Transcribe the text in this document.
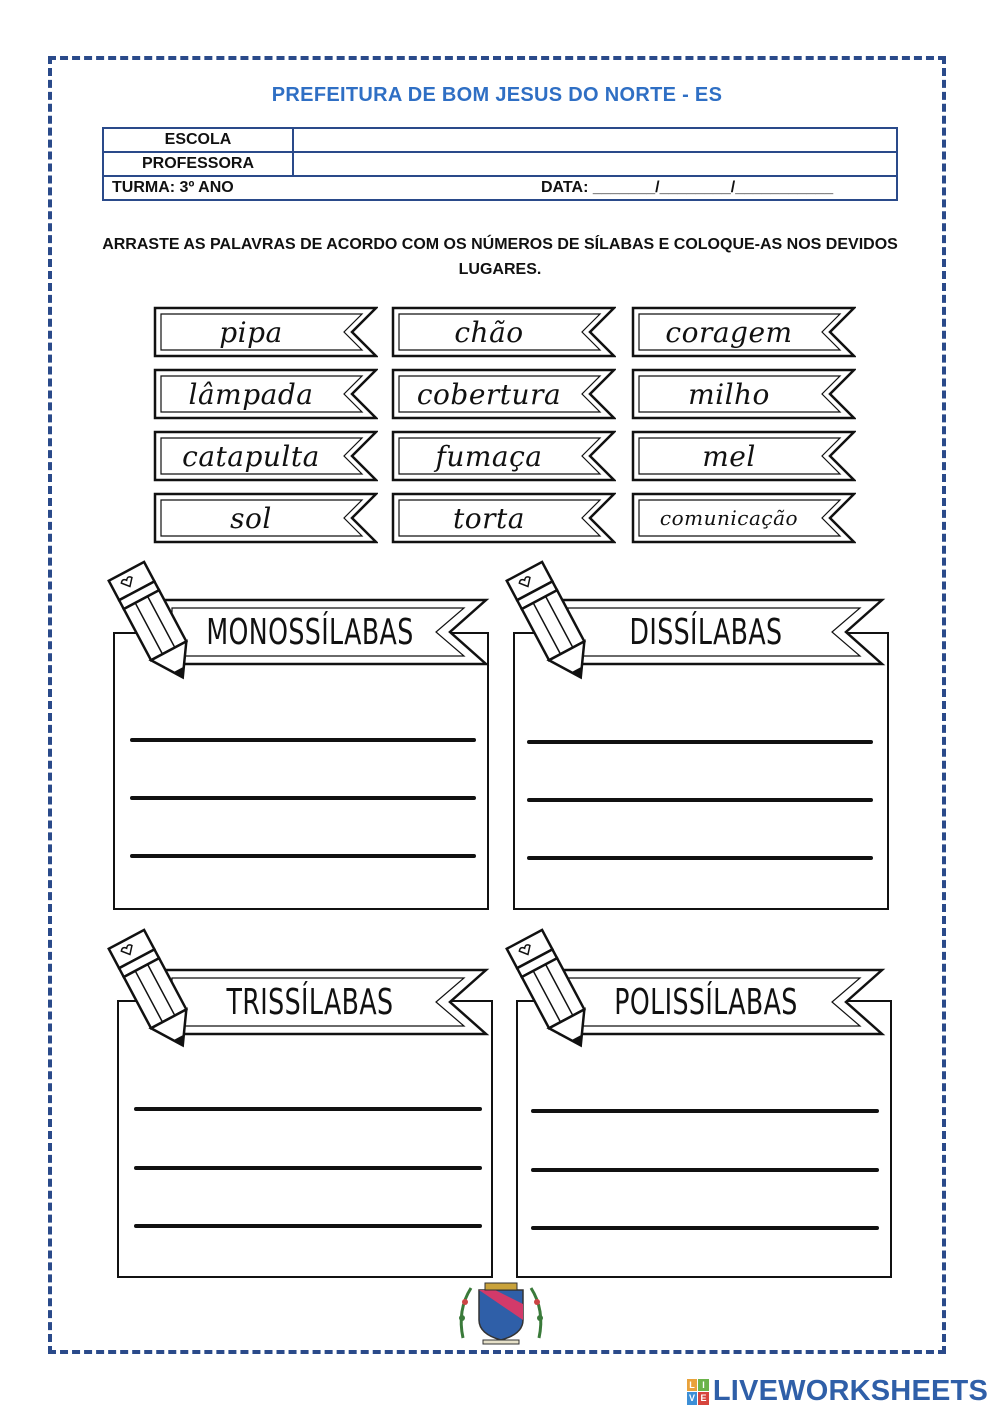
PREFEITURA DE BOM JESUS DO NORTE - ES
ESCOLA	
PROFESSORA	
TURMA: 3º ANO DATA: _______/________/___________	
ARRASTE AS PALAVRAS DE ACORDO COM OS NÚMEROS DE SÍLABAS E COLOQUE-AS NOS DEVIDOS LUGARES.
pipa	chão	coragem
lâmpada	cobertura	milho
catapulta	fumaça	mel
sol	torta	comunicação
MONOSSÍLABAS	DISSÍLABAS
TRISSÍLABAS	POLISSÍLABAS
L I
V E LIVEWORKSHEETS
